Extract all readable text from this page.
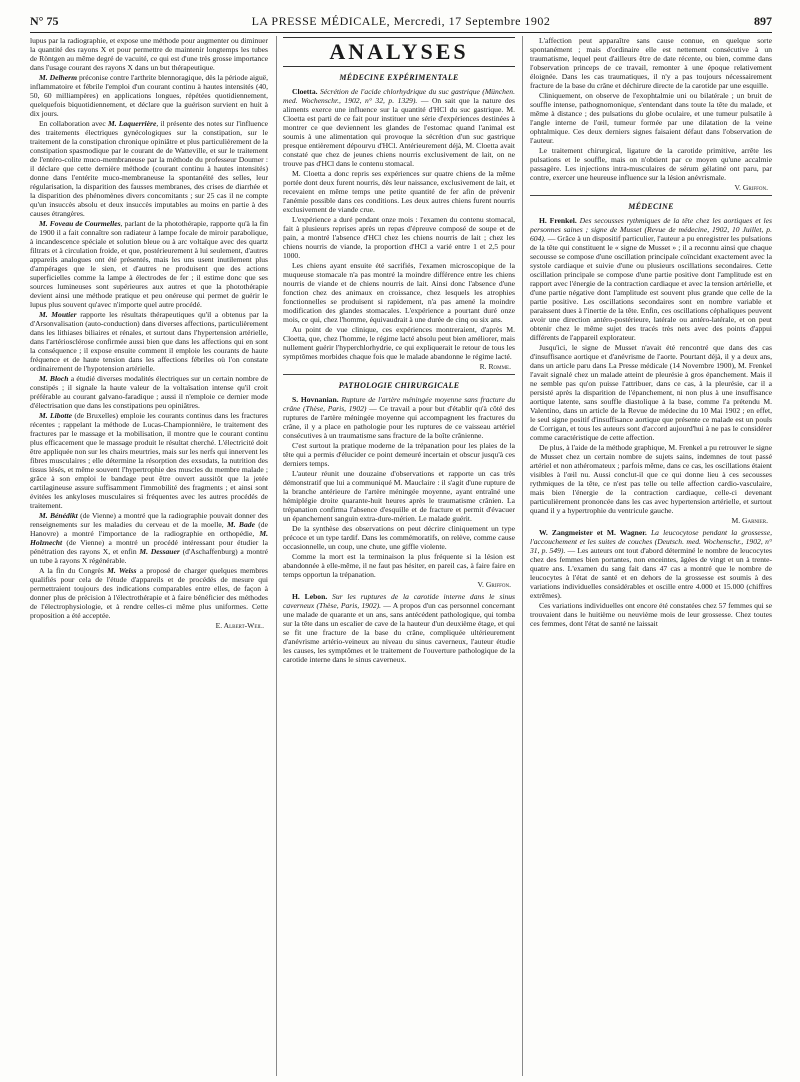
N° 75	LA PRESSE MÉDICALE, Mercredi, 17 Septembre 1902	897

lupus par la radiographie, et expose une méthode pour augmenter ou diminuer la quantité des rayons X et pour permettre de maintenir longtemps les tubes de Röntgen au même degré de vacuité, ce qui est d'une très grosse importance dans l'usage courant des rayons X dans un but thérapeutique.

M. Delherm préconise contre l'arthrite blennoragique, dès la période aiguë, inflammatoire et fébrile l'emploi d'un courant continu à hautes intensités (40, 50, 60 milliampères) en applications longues, répétées quotidiennement, quelquefois biquotidiennement, et déclare que la guérison survient en huit à dix jours.

En collaboration avec M. Laquerrière, il présente des notes sur l'influence des traitements électriques gynécologiques sur la constipation, sur le traitement de la constipation chronique opiniâtre et plus particulièrement de la constipation spasmodique par le courant de de Watteville, et sur le traitement de l'entéro-colite muco-membraneuse par la méthode du professeur Doumer : il déclare que cette dernière méthode (courant continu à hautes intensités) donne dans l'entérite muco-membraneuse la spontanéité des selles, leur régularisation, la disparition des fausses membranes, des crises de diarrhée et la disparition des phénomènes divers concomitants ; sur 25 cas il ne compte qu'un insuccès absolu et deux insuccès imputables au moins en partie à des causes étrangères.

M. Foveau de Courmelles, parlant de la photothérapie, rapporte qu'à la fin de 1900 il a fait connaître son radiateur à lampe focale de miroir parabolique, à incandescence spéciale et solution bleue ou à arc voltaïque avec des quartz filtrats et à circulation froide, et que, postérieurement à lui seulement, d'autres appareils analogues ont été présentés, mais les uns usent inutilement plus d'ampérages que le sien, et d'autres ne produisent que des actions superficielles comme la lampe à électrodes de fer ; il estime donc que ses sources lumineuses sont supérieures aux autres et que la photothérapie devient ainsi une méthode pratique et peu onéreuse qui permet de guérir le lupus plus souvent qu'avec n'importe quel autre procédé.

M. Moutier rapporte les résultats thérapeutiques qu'il a obtenus par la d'Arsonvalisation (auto-conduction) dans diverses affections, particulièrement dans les lithiases biliaires et rénales, et surtout dans l'hypertension artérielle, dans l'artériosclérose confirmée aussi bien que dans les affections qui en sont la conséquence ; il expose ensuite comment il emploie les courants de haute fréquence et de haute tension dans les affections fébriles où l'on constate ordinairement de l'hypotension artérielle.

M. Bloch a étudié diverses modalités électriques sur un certain nombre de constipés ; il signale la haute valeur de la voltaïsation intense qu'il croit préférable au courant galvano-faradique ; aussi il n'emploie ce dernier mode d'électrisation que dans les constipations peu opiniâtres.

M. Libotte (de Bruxelles) emploie les courants continus dans les fractures récentes ; rappelant la méthode de Lucas-Championnière, le traitement des fractures par le massage et la mobilisation, il montre que le courant continu plus efficacement que le massage produit le résultat cherché. L'électricité doit être appliquée non sur les chairs meurtries, mais sur les nerfs qui innervent les fibres musculaires ; elle détermine la résorption des exsudats, la nutrition des tissus lésés, et même souvent l'hypertrophie des muscles du membre malade ; grâce à son emploi le bandage peut être ouvert aussitôt que la jetée cartilagineuse assure suffisamment l'immobilité des fragments ; et ainsi sont évitées les ankyloses musculaires si fréquentes avec les autres procédés de traitement.

M. Bénédikt (de Vienne) a montré que la radiographie pouvait donner des renseignements sur les maladies du cerveau et de la moelle, M. Bade (de Hanovre) a montré l'importance de la radiographie en orthopédie, M. Holznecht (de Vienne) a montré un procédé intéressant pour étudier la pénétration des rayons X, et enfin M. Dessauer (d'Aschaffenburg) a montré un tube à rayons X régénérable.

A la fin du Congrès M. Weiss a proposé de charger quelques membres qualifiés pour cela de l'étude d'appareils et de procédés de mesure qui permettraient toujours des indications comparables entre elles, de façon à donner plus de précision à l'électrothérapie et à faire bénéficier des méthodes de l'électrophysiologie, et à rendre celles-ci même plus uniformes. Cette proposition a été acceptée.

E. Albert-Weil.
ANALYSES
MÉDECINE EXPÉRIMENTALE

Cloetta. Sécrétion de l'acide chlorhydrique du suc gastrique (München. med. Wochenschr., 1902, n° 32, p. 1329). — On sait que la nature des aliments exerce une influence sur la quantité d'HCl du suc gastrique. M. Cloetta est parti de ce fait pour instituer une série d'expériences destinées à montrer ce que deviennent les glandes de l'estomac quand l'animal est soumis à une alimentation qui provoque la sécrétion d'un suc gastrique presque entièrement dépourvu d'HCl. Antérieurement déjà, M. Cloetta avait constaté que chez de jeunes chiens nourris exclusivement de lait, on ne trouve pas d'HCl dans le contenu stomacal.

M. Cloetta a donc repris ses expériences sur quatre chiens de la même portée dont deux furent nourris, dès leur naissance, exclusivement de lait, et recevaient en même temps une petite quantité de fer afin de prévenir l'anémie possible dans ces conditions. Les deux autres chiens furent nourris exclusivement de viande crue.

L'expérience a duré pendant onze mois : l'examen du contenu stomacal, fait à plusieurs reprises après un repas d'épreuve composé de soupe et de pain, a montré l'absence d'HCl chez les chiens nourris de lait ; chez les chiens nourris de viande, la proportion d'HCl a varié entre 1 et 2,5 pour 1000.

Les chiens ayant ensuite été sacrifiés, l'examen microscopique de la muqueuse stomacale n'a pas montré la moindre différence entre les chiens nourris de viande et de chiens nourris de lait. Ainsi donc l'absence d'une fonction chez des animaux en croissance, chez lesquels les atrophies fonctionnelles se produisent si rapidement, n'a pas amené la moindre modification des glandes stomacales. L'expérience a pourtant duré onze mois, ce qui, chez l'homme, équivaudrait à une durée de cinq ou six ans.

Au point de vue clinique, ces expériences montreraient, d'après M. Cloetta, que, chez l'homme, le régime lacté absolu peut bien améliorer, mais nullement guérir l'hyperchlorhydrie, ce qui expliquerait le retour de tous les symptômes morbides chaque fois que le malade abandonne le régime lacté.

R. Romme.
PATHOLOGIE CHIRURGICALE

S. Hovnanian. Rupture de l'artère méningée moyenne sans fracture du crâne (Thèse, Paris, 1902) — Ce travail a pour but d'établir qu'à côté des ruptures de l'artère méningée moyenne qui accompagnent les fractures du crâne, il y a place en pathologie pour les ruptures de ce vaisseau artériel consécutives à un traumatisme sans fracture de la boîte crânienne.

C'est surtout la pratique moderne de la trépanation pour les plaies de la tête qui a permis d'élucider ce point demeuré incertain et obscur jusqu'à ces derniers temps.

L'auteur réunit une douzaine d'observations et rapporte un cas très démonstratif que lui a communiqué M. Mauclaire : il s'agit d'une rupture de la branche antérieure de l'artère méningée moyenne, ayant entraîné une hémiplégie droite quarante-huit heures après le traumatisme crânien. La trépanation confirma l'absence d'esquille et de fracture et permit d'évacuer un épanchement sanguin extra-dure-mérien. Le malade guérit.

De la synthèse des observations on peut décrire cliniquement un type précoce et un type tardif. Dans les commémoratifs, on relève, comme cause occasionnelle, un coup, une chute, une giffle violente.

Comme la mort est la terminaison la plus fréquente si la lésion est abandonnée à elle-même, il ne faut pas hésiter, en pareil cas, à faire faire en temps opportun la trépanation.

V. Griffon.

H. Lebon. Sur les ruptures de la carotide interne dans le sinus caverneux (Thèse, Paris, 1902). — A propos d'un cas personnel concernant une malade de quarante et un ans, sans antécédent pathologique, qui tomba sur la tête dans un escalier de cave de la hauteur d'un deuxième étage, et qui se fit une fracture de la base du crâne, compliquée ultérieurement d'anévrisme artério-veineux au niveau du sinus caverneux, l'auteur étudie les causes, les symptômes et le traitement de l'ouverture pathologique de la carotide interne dans le sinus caverneux.

L'affection peut apparaître sans cause connue, en quelque sorte spontanément ; mais d'ordinaire elle est nettement consécutive à un traumatisme, lequel peut d'ailleurs être de date récente, ou bien, comme dans l'observation princeps de ce travail, remonter à une époque relativement éloignée. Dans les cas traumatiques, il n'y a pas toujours nécessairement fracture de la base du crâne et déchirure directe de la carotide par une esquille.

Cliniquement, on observe de l'exophtalmie uni ou bilatérale ; un bruit de souffle intense, pathognomonique, s'entendant dans toute la tête du malade, et même à distance ; des pulsations du globe oculaire, et une tumeur pulsatile à l'angle interne de l'œil, tumeur formée par une dilatation de la veine ophtalmique. Ces deux derniers signes faisaient défaut dans l'observation de l'auteur.

Le traitement chirurgical, ligature de la carotide primitive, arrête les pulsations et le souffle, mais on n'obtient par ce moyen qu'une accalmie passagère. Les injections intra-musculaires de sérum gélatiné ont paru, par contre, exercer une heureuse influence sur la lésion anévrismale.

V. Griffon.
MÉDECINE

H. Frenkel. Des secousses rythmiques de la tête chez les aortiques et les personnes saines ; signe de Musset (Revue de médecine, 1902, 10 Juillet, p. 604). — Grâce à un dispositif particulier, l'auteur a pu enregistrer les pulsations de la tête qui constituent le « signe de Musset » ; il a reconnu ainsi que chaque secousse se compose d'une oscillation principale coïncidant exactement avec la systole cardiaque et suivie d'une ou plusieurs oscillations secondaires. Cette oscillation principale se compose d'une partie positive dont l'amplitude est en rapport avec l'énergie de la contraction cardiaque et avec la tension artérielle, et d'une partie négative dont l'amplitude est souvent plus grande que celle de la partie positive. Les oscillations secondaires sont en nombre variable et paraissent dues à l'inertie de la tête. Enfin, ces oscillations céphaliques peuvent avoir une direction antéro-postérieure, latérale ou antéro-latérale, et on peut obtenir chez le même sujet des tracés très nets avec des points d'appui différents de l'appareil explorateur.

Jusqu'ici, le signe de Musset n'avait été rencontré que dans des cas d'insuffisance aortique et d'anévrisme de l'aorte. Pourtant déjà, il y a deux ans, dans un article paru dans La Presse médicale (14 Novembre 1900), M. Frenkel l'avait signalé chez un malade atteint de pleurésie à gros épanchement. Mais il ne semble pas qu'on puisse l'attribuer, dans ce cas, à la pleurésie, car il a persisté après la disparition de l'épanchement, ni non plus à une insuffisance aortique latente, sans souffle diastolique à la base, comme l'a prétendu M. Valentino, dans un article de la Revue de médecine du 10 Mai 1902 ; en effet, le seul signe positif d'insuffisance aortique que présente ce malade est un pouls de Corrigan, et tous les auteurs sont d'accord aujourd'hui à ne pas le considérer comme caractéristique de cette affection.

De plus, à l'aide de la méthode graphique, M. Frenkel a pu retrouver le signe de Musset chez un certain nombre de sujets sains, indemnes de tout passé artériel et non athéromateux ; parfois même, dans ce cas, les oscillations étaient visibles à l'œil nu. Aussi conclut-il que ce qui donne lieu à ces secousses rythmiques de la tête, ce n'est pas telle ou telle affection cardio-vasculaire, mais bien l'énergie de la contraction cardiaque, celle-ci devenant particulièrement prononcée dans les cas avec hypertension artérielle, et surtout quand il y a hypertrophie du ventricule gauche.

M. Garnier.

W. Zangmeister et M. Wagner. La leucocytose pendant la grossesse, l'accouchement et les suites de couches (Deutsch. med. Wochenschr., 1902, n° 31, p. 549). — Les auteurs ont tout d'abord déterminé le nombre de leucocytes chez des femmes bien portantes, non enceintes, âgées de vingt et un à trente-quatre ans. L'examen du sang fait dans 47 cas a montré que le nombre de leucocytes à l'état de santé et en dehors de la grossesse est soumis à des variations individuelles considérables et oscille entre 4.000 et 15.000 (chiffres extrêmes).

Ces variations individuelles ont encore été constatées chez 57 femmes qui se trouvaient dans le huitième ou neuvième mois de leur grossesse. Chez toutes ces femmes, dont l'état de santé ne laissait
